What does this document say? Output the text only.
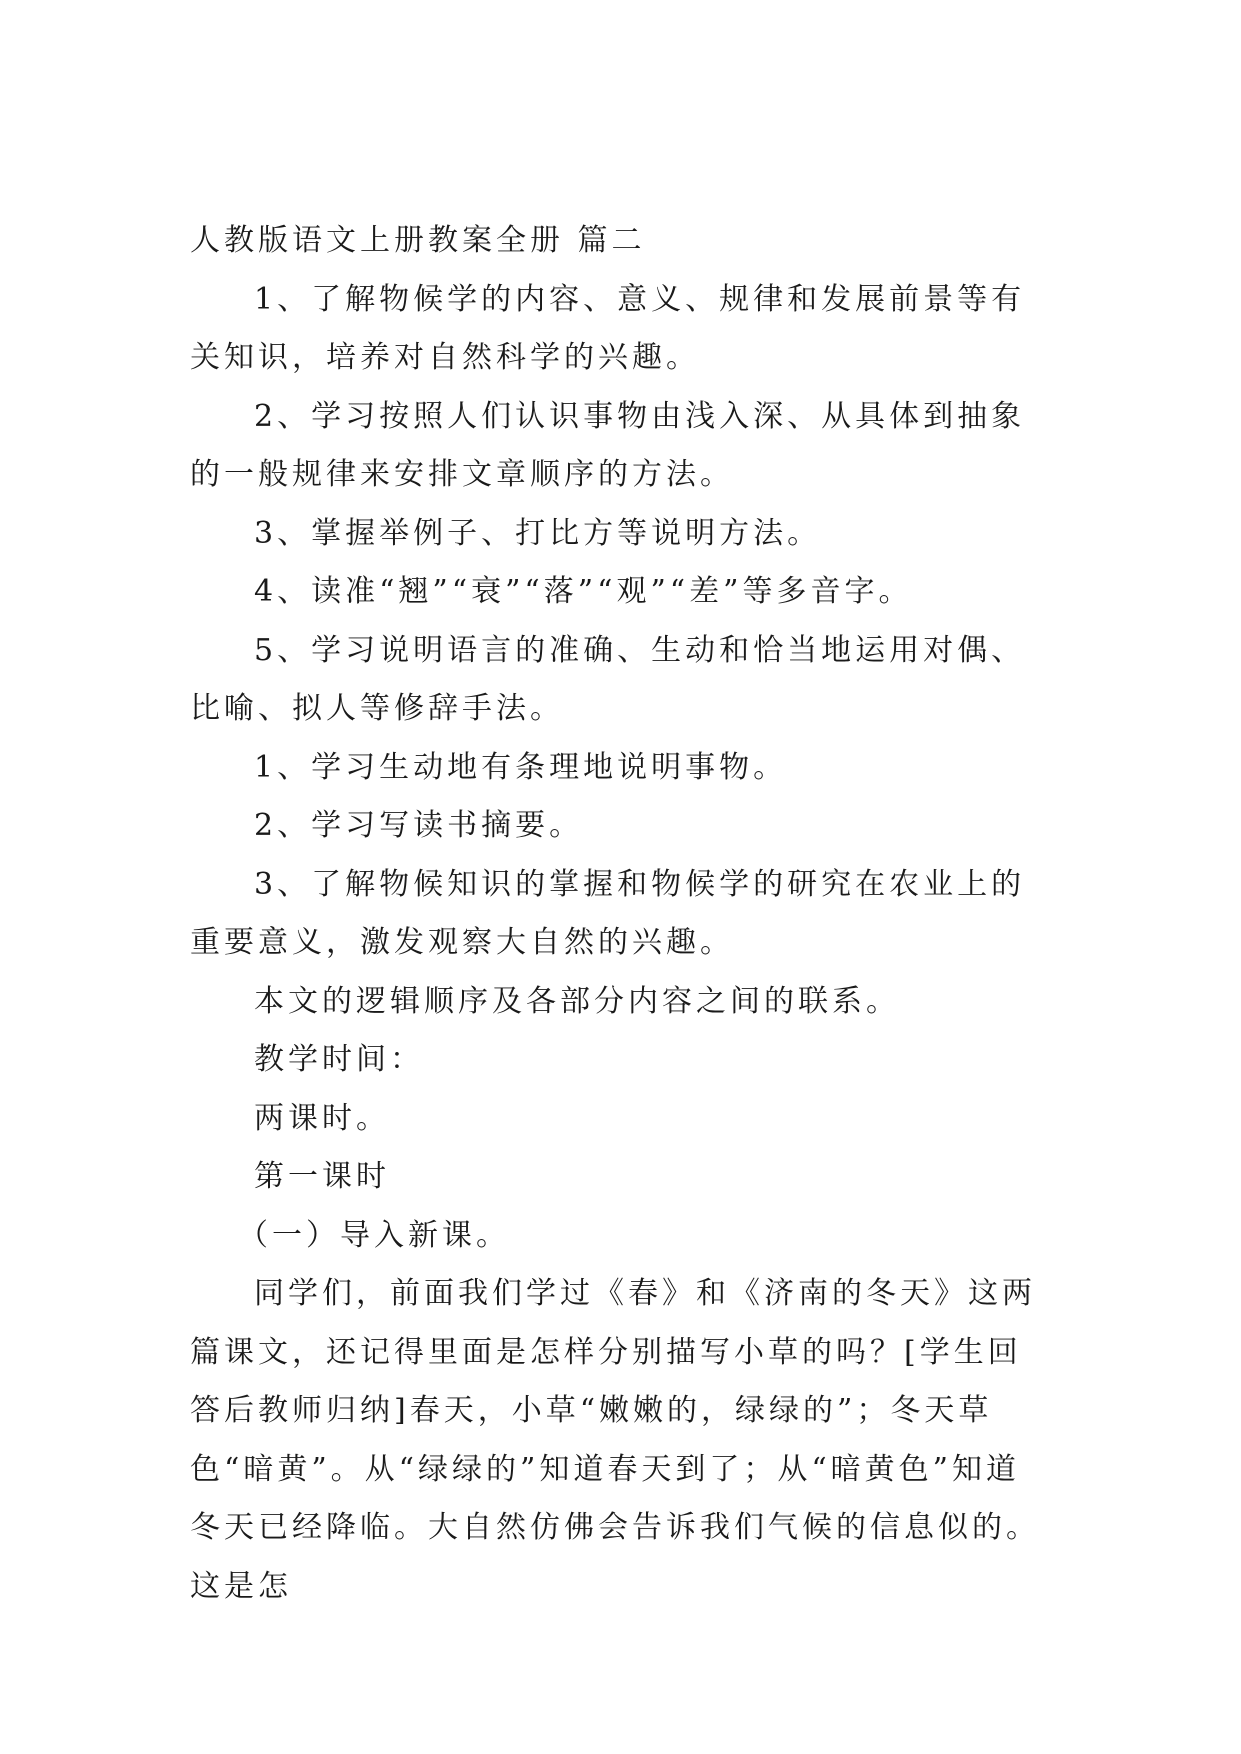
人教版语文上册教案全册 篇二

1、了解物候学的内容、意义、规律和发展前景等有关知识，培养对自然科学的兴趣。

2、学习按照人们认识事物由浅入深、从具体到抽象的一般规律来安排文章顺序的方法。

3、掌握举例子、打比方等说明方法。

4、读准“翘”“衰”“落”“观”“差”等多音字。

5、学习说明语言的准确、生动和恰当地运用对偶、比喻、拟人等修辞手法。

1、学习生动地有条理地说明事物。

2、学习写读书摘要。

3、了解物候知识的掌握和物候学的研究在农业上的重要意义，激发观察大自然的兴趣。

本文的逻辑顺序及各部分内容之间的联系。

教学时间：

两课时。

第一课时

（一）导入新课。

同学们，前面我们学过《春》和《济南的冬天》这两篇课文，还记得里面是怎样分别描写小草的吗？[学生回答后教师归纳]春天，小草“嫩嫩的，绿绿的”；冬天草色“暗黄”。从“绿绿的”知道春天到了；从“暗黄色”知道冬天已经降临。大自然仿佛会告诉我们气候的信息似的。这是怎
